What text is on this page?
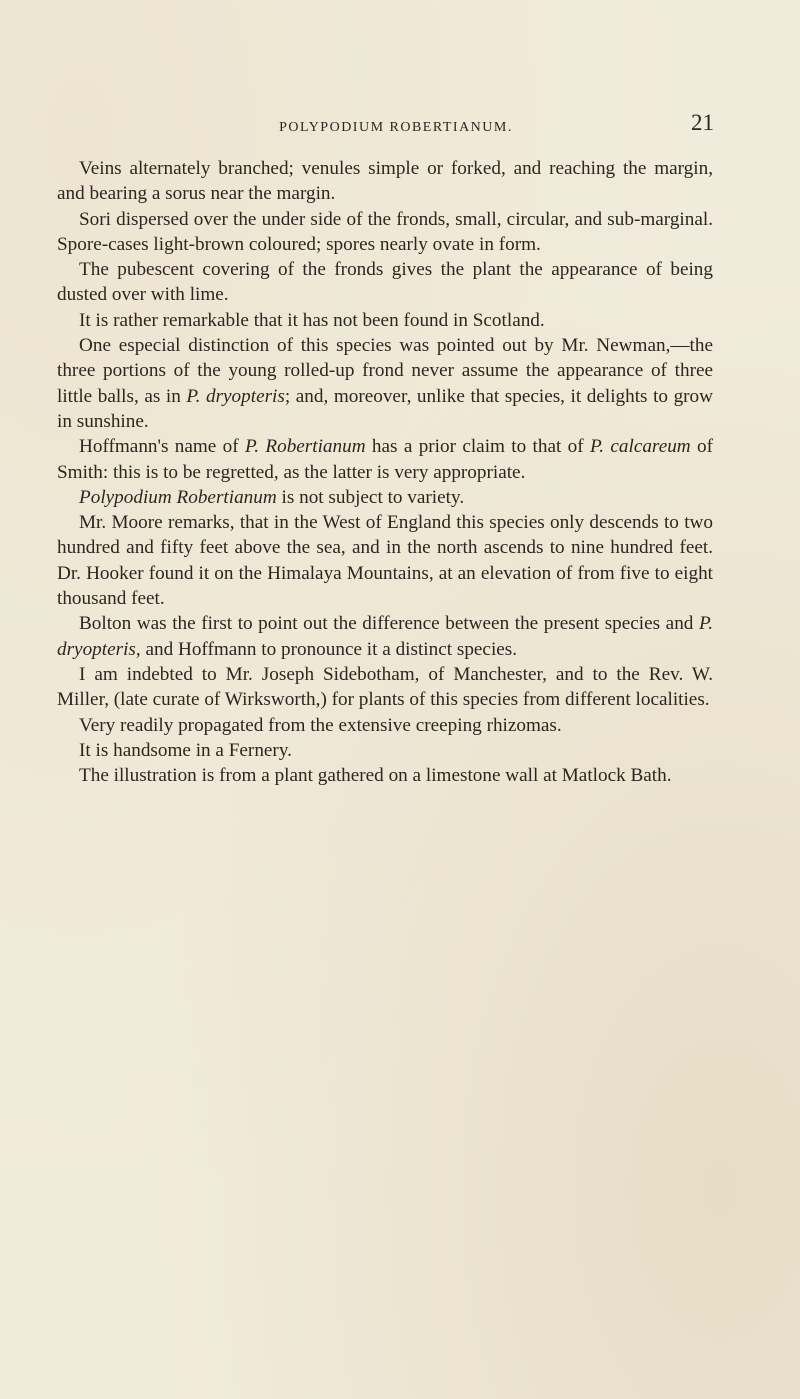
POLYPODIUM ROBERTIANUM.	21

Veins alternately branched; venules simple or forked, and reaching the margin, and bearing a sorus near the margin.

Sori dispersed over the under side of the fronds, small, circular, and sub-marginal. Spore-cases light-brown coloured; spores nearly ovate in form.

The pubescent covering of the fronds gives the plant the appearance of being dusted over with lime.

It is rather remarkable that it has not been found in Scotland.

One especial distinction of this species was pointed out by Mr. Newman,—the three portions of the young rolled-up frond never assume the appearance of three little balls, as in P. dryopteris; and, moreover, unlike that species, it delights to grow in sunshine.

Hoffmann's name of P. Robertianum has a prior claim to that of P. calcareum of Smith: this is to be regretted, as the latter is very appropriate.

Polypodium Robertianum is not subject to variety.

Mr. Moore remarks, that in the West of England this species only descends to two hundred and fifty feet above the sea, and in the north ascends to nine hundred feet. Dr. Hooker found it on the Himalaya Mountains, at an elevation of from five to eight thousand feet.

Bolton was the first to point out the difference between the present species and P. dryopteris, and Hoffmann to pronounce it a distinct species.

I am indebted to Mr. Joseph Sidebotham, of Manchester, and to the Rev. W. Miller, (late curate of Wirksworth,) for plants of this species from different localities.

Very readily propagated from the extensive creeping rhizomas.

It is handsome in a Fernery.

The illustration is from a plant gathered on a limestone wall at Matlock Bath.
